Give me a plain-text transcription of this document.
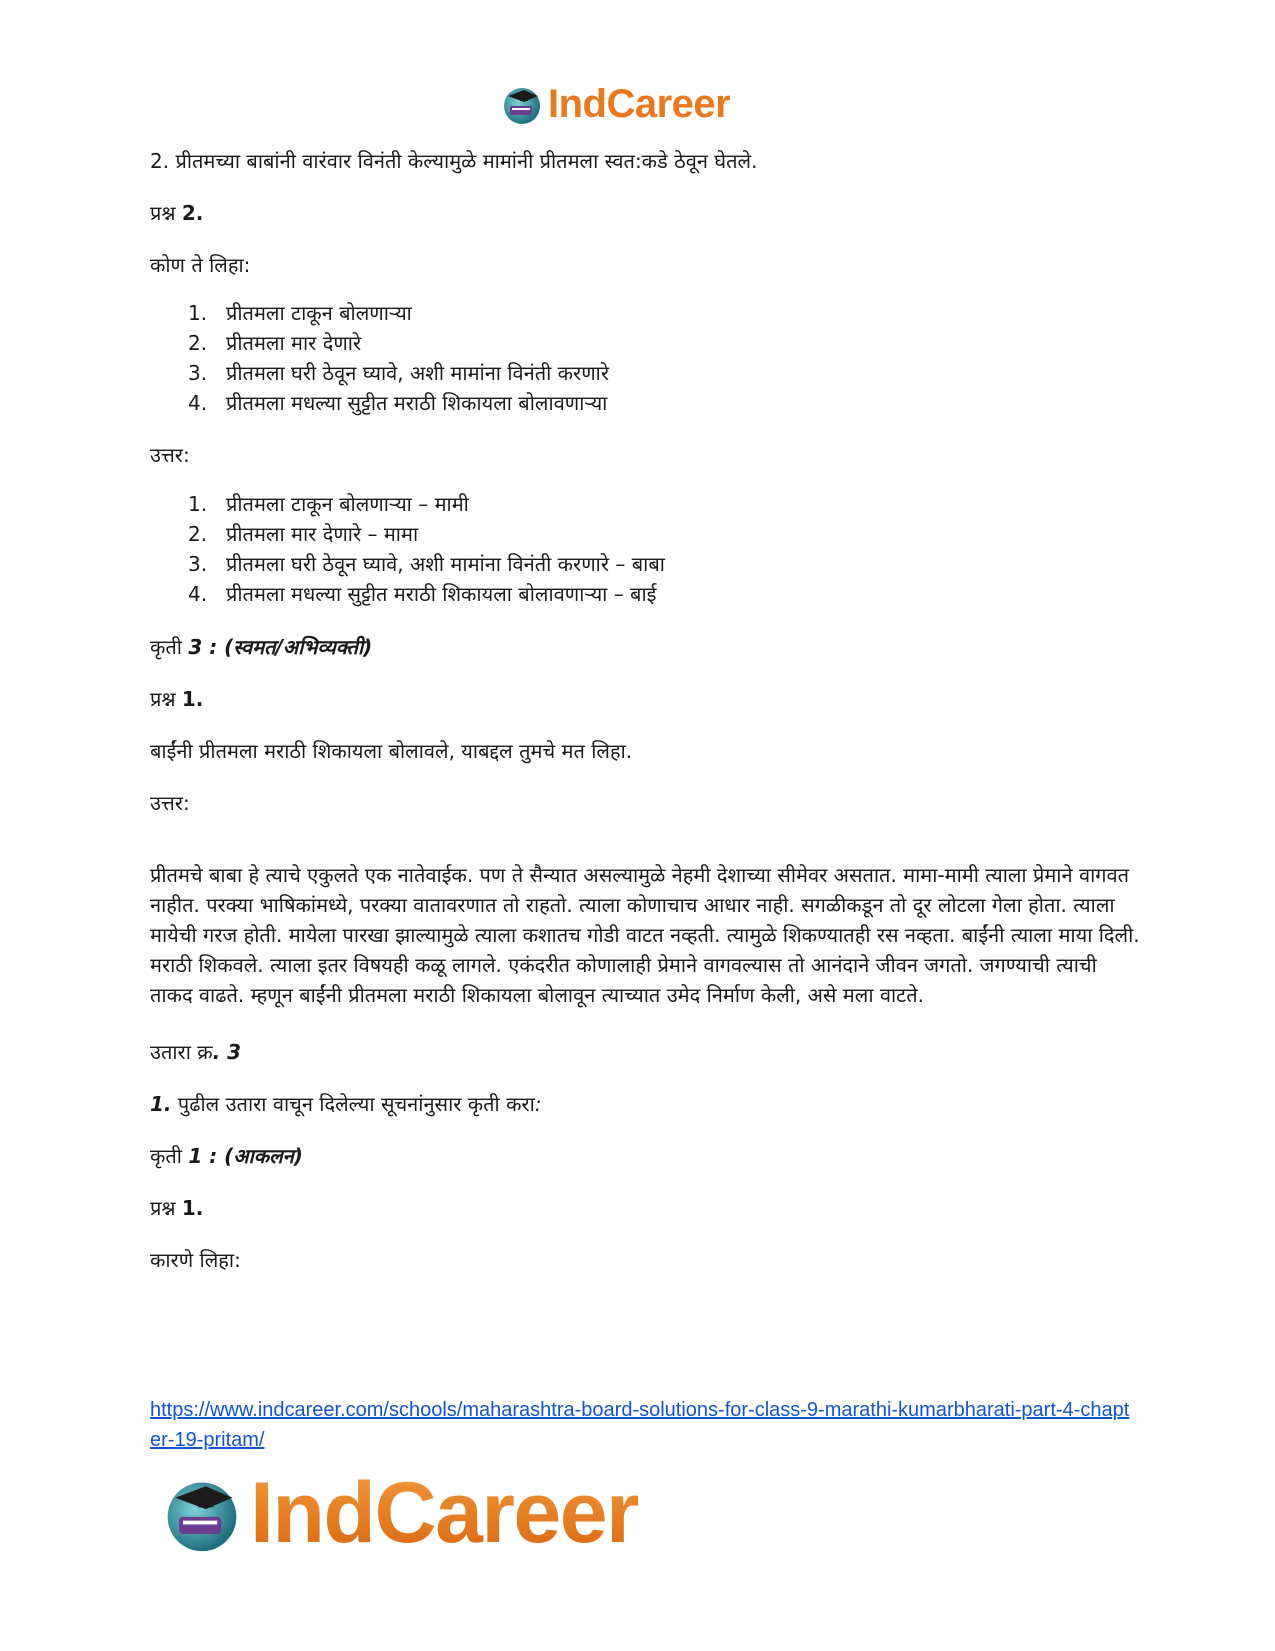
IndCareer

2. प्रीतमच्या बाबांनी वारंवार विनंती केल्यामुळे मामांनी प्रीतमला स्वत:कडे ठेवून घेतले.

प्रश्न 2.

कोण ते लिहा:

1. प्रीतमला टाकून बोलणाऱ्या
2. प्रीतमला मार देणारे
3. प्रीतमला घरी ठेवून घ्यावे, अशी मामांना विनंती करणारे
4. प्रीतमला मधल्या सुट्टीत मराठी शिकायला बोलावणाऱ्या

उत्तर:

1. प्रीतमला टाकून बोलणाऱ्या – मामी
2. प्रीतमला मार देणारे – मामा
3. प्रीतमला घरी ठेवून घ्यावे, अशी मामांना विनंती करणारे – बाबा
4. प्रीतमला मधल्या सुट्टीत मराठी शिकायला बोलावणाऱ्या – बाई

कृती 3 : (स्वमत/अभिव्यक्ती)

प्रश्न 1.

बाईंनी प्रीतमला मराठी शिकायला बोलावले, याबद्दल तुमचे मत लिहा.

उत्तर:

प्रीतमचे बाबा हे त्याचे एकुलते एक नातेवाईक. पण ते सैन्यात असल्यामुळे नेहमी देशाच्या सीमेवर असतात. मामा-मामी त्याला प्रेमाने वागवत नाहीत. परक्या भाषिकांमध्ये, परक्या वातावरणात तो राहतो. त्याला कोणाचाच आधार नाही. सगळीकडून तो दूर लोटला गेला होता. त्याला मायेची गरज होती. मायेला पारखा झाल्यामुळे त्याला कशातच गोडी वाटत नव्हती. त्यामुळे शिकण्यातही रस नव्हता. बाईंनी त्याला माया दिली. मराठी शिकवले. त्याला इतर विषयही कळू लागले. एकंदरीत कोणालाही प्रेमाने वागवल्यास तो आनंदाने जीवन जगतो. जगण्याची त्याची ताकद वाढते. म्हणून बाईंनी प्रीतमला मराठी शिकायला बोलावून त्याच्यात उमेद निर्माण केली, असे मला वाटते.

उतारा क्र. 3

1. पुढील उतारा वाचून दिलेल्या सूचनांनुसार कृती करा:

कृती 1 : (आकलन)

प्रश्न 1.

कारणे लिहा:

https://www.indcareer.com/schools/maharashtra-board-solutions-for-class-9-marathi-kumarbharati-part-4-chapter-19-pritam/
IndCareer
